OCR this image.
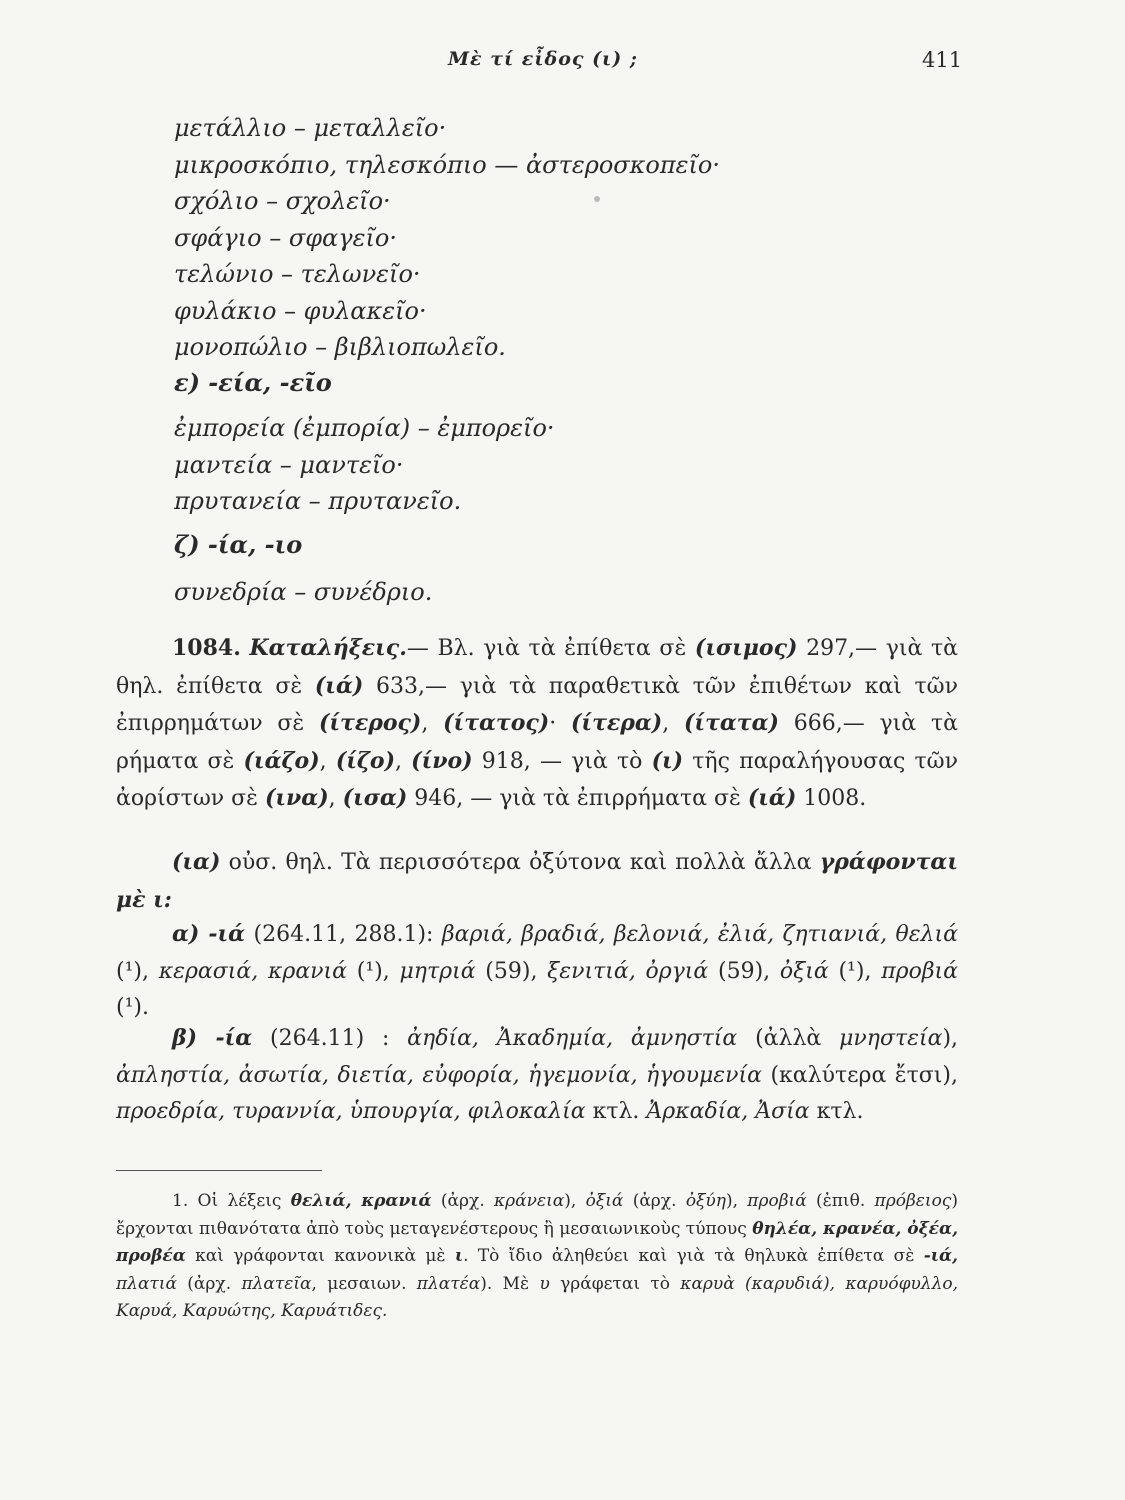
Μὲ τί εἶδος (ι) ;	411
μετάλλιο – μεταλλεῖο·
μικροσκόπιο, τηλεσκόπιο — ἀστεροσκοπεῖο·
σχόλιο – σχολεῖο·
σφάγιο – σφαγεῖο·
τελώνιο – τελωνεῖο·
φυλάκιο – φυλακεῖο·
μονοπώλιο – βιβλιοπωλεῖο.
ε) -εία, -εῖο
ἐμπορεία (ἐμπορία) – ἐμπορεῖο·
μαντεία – μαντεῖο·
πρυτανεία – πρυτανεῖο.
ζ) -ία, -ιο
συνεδρία – συνέδριο.
1084. Καταλήξεις.— Βλ. γιὰ τὰ ἐπίθετα σὲ (ισιμος) 297,— γιὰ τὰ θηλ. ἐπίθετα σὲ (ιά) 633,— γιὰ τὰ παραθετικὰ τῶν ἐπιθέτων καὶ τῶν ἐπιρρημάτων σὲ (ίτερος), (ίτατος)· (ίτερα), (ίτατα) 666,— γιὰ τὰ ρήματα σὲ (ιάζο), (ίζο), (ίνο) 918, — γιὰ τὸ (ι) τῆς παραλήγουσας τῶν ἀορίστων σὲ (ινα), (ισα) 946, — γιὰ τὰ ἐπιρρήματα σὲ (ιά) 1008.
(ια) οὐσ. θηλ. Τὰ περισσότερα ὀξύτονα καὶ πολλὰ ἄλλα γράφονται μὲ ι:
α) -ιά (264.11, 288.1): βαριά, βραδιά, βελονιά, ἐλιά, ζητιανιά, θελιά (¹), κερασιά, κρανιά (¹), μητριά (59), ξενιτιά, ὀργιά (59), ὀξιά (¹), προβιά (¹).
β) -ία (264.11) : ἀηδία, Ἀκαδημία, ἀμνηστία (ἀλλὰ μνηστεία), ἀπληστία, ἀσωτία, διετία, εὐφορία, ἡγεμονία, ἡγουμενία (καλύτερα ἔτσι), προεδρία, τυραννία, ὑπουργία, φιλοκαλία κτλ. Ἀρκαδία, Ἀσία κτλ.
1. Οἱ λέξεις θελιά, κρανιά (ἀρχ. κράνεια), ὀξιά (ἀρχ. ὀξύη), προβιά (ἐπιθ. πρόβειος) ἔρχονται πιθανότατα ἀπὸ τοὺς μεταγενέστερους ἢ μεσαιωνικοὺς τύπους θηλέα, κρανέα, ὀξέα, προβέα καὶ γράφονται κανονικὰ μὲ ι. Τὸ ἴδιο ἀληθεύει καὶ γιὰ τὰ θηλυκὰ ἐπίθετα σὲ -ιά, πλατιά (ἀρχ. πλατεῖα, μεσαιων. πλατέα). Μὲ υ γράφεται τὸ καρυὰ (καρυδιά), καρυόφυλλο, Καρυά, Καρυώτης, Καρυάτιδες.
